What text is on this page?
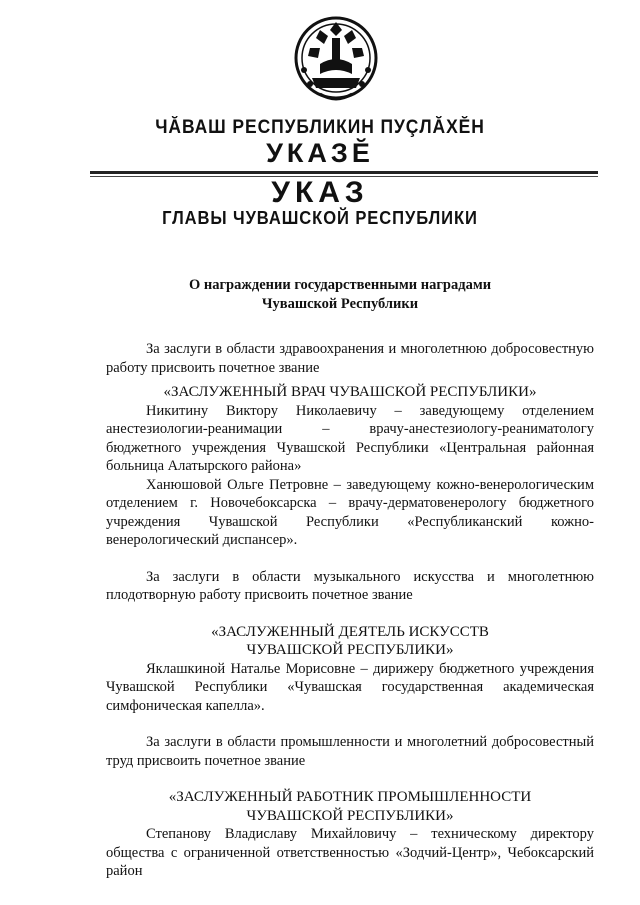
ЧĂВАШ РЕСПУБЛИКИН ПУÇЛĂХĔН
УКАЗĔ
УКАЗ
ГЛАВЫ ЧУВАШСКОЙ РЕСПУБЛИКИ
О награждении государственными наградами
Чувашской Республики

За заслуги в области здравоохранения и многолетнюю добросовестную работу присвоить почетное звание

«ЗАСЛУЖЕННЫЙ ВРАЧ ЧУВАШСКОЙ РЕСПУБЛИКИ»

Никитину Виктору Николаевичу – заведующему отделением анестезиологии-реанимации – врачу-анестезиологу-реаниматологу бюджетного учреждения Чувашской Республики «Центральная районная больница Алатырского района»

Ханюшовой Ольге Петровне – заведующему кожно-венерологическим отделением г. Новочебоксарска – врачу-дерматовенерологу бюджетного учреждения Чувашской Республики «Республиканский кожно-венерологический диспансер».

За заслуги в области музыкального искусства и многолетнюю плодотворную работу присвоить почетное звание

«ЗАСЛУЖЕННЫЙ ДЕЯТЕЛЬ ИСКУССТВ

ЧУВАШСКОЙ РЕСПУБЛИКИ»

Яклашкиной Наталье Морисовне – дирижеру бюджетного учреждения Чувашской Республики «Чувашская государственная академическая симфоническая капелла».

За заслуги в области промышленности и многолетний добросовестный труд присвоить почетное звание

«ЗАСЛУЖЕННЫЙ РАБОТНИК ПРОМЫШЛЕННОСТИ

ЧУВАШСКОЙ РЕСПУБЛИКИ»

Степанову Владиславу Михайловичу – техническому директору общества с ограниченной ответственностью «Зодчий-Центр», Чебоксарский район
